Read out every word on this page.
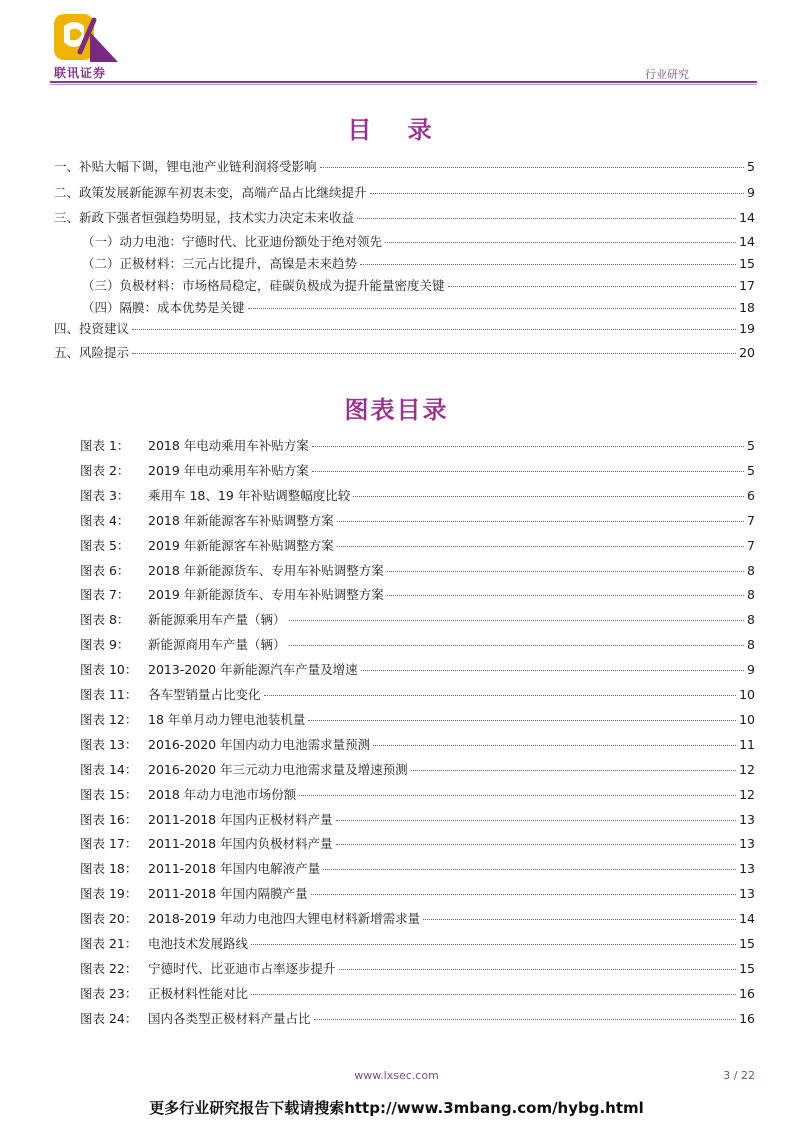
联讯证券	行业研究
目 录
一、补贴大幅下调，锂电池产业链利润将受影响	5
二、政策发展新能源车初衷未变，高端产品占比继续提升	9
三、新政下强者恒强趋势明显，技术实力决定未来收益	14
（一）动力电池：宁德时代、比亚迪份额处于绝对领先	14
（二）正极材料：三元占比提升，高镍是未来趋势	15
（三）负极材料：市场格局稳定，硅碳负极成为提升能量密度关键	17
（四）隔膜：成本优势是关键	18
四、投资建议	19
五、风险提示	20
图表目录
图表 1：	2018 年电动乘用车补贴方案	5
图表 2：	2019 年电动乘用车补贴方案	5
图表 3：	乘用车 18、19 年补贴调整幅度比较	6
图表 4：	2018 年新能源客车补贴调整方案	7
图表 5：	2019 年新能源客车补贴调整方案	7
图表 6：	2018 年新能源货车、专用车补贴调整方案	8
图表 7：	2019 年新能源货车、专用车补贴调整方案	8
图表 8：	新能源乘用车产量（辆）	8
图表 9：	新能源商用车产量（辆）	8
图表 10： 2013-2020 年新能源汽车产量及增速	9
图表 11： 各车型销量占比变化	10
图表 12： 18 年单月动力锂电池装机量	10
图表 13： 2016-2020 年国内动力电池需求量预测	11
图表 14： 2016-2020 年三元动力电池需求量及增速预测	12
图表 15： 2018 年动力电池市场份额	12
图表 16： 2011-2018 年国内正极材料产量	13
图表 17： 2011-2018 年国内负极材料产量	13
图表 18： 2011-2018 年国内电解液产量	13
图表 19： 2011-2018 年国内隔膜产量	13
图表 20： 2018-2019 年动力电池四大锂电材料新增需求量	14
图表 21： 电池技术发展路线	15
图表 22： 宁德时代、比亚迪市占率逐步提升	15
图表 23： 正极材料性能对比	16
图表 24： 国内各类型正极材料产量占比	16
www.lxsec.com	3 / 22
更多行业研究报告下载请搜索http://www.3mbang.com/hybg.html
